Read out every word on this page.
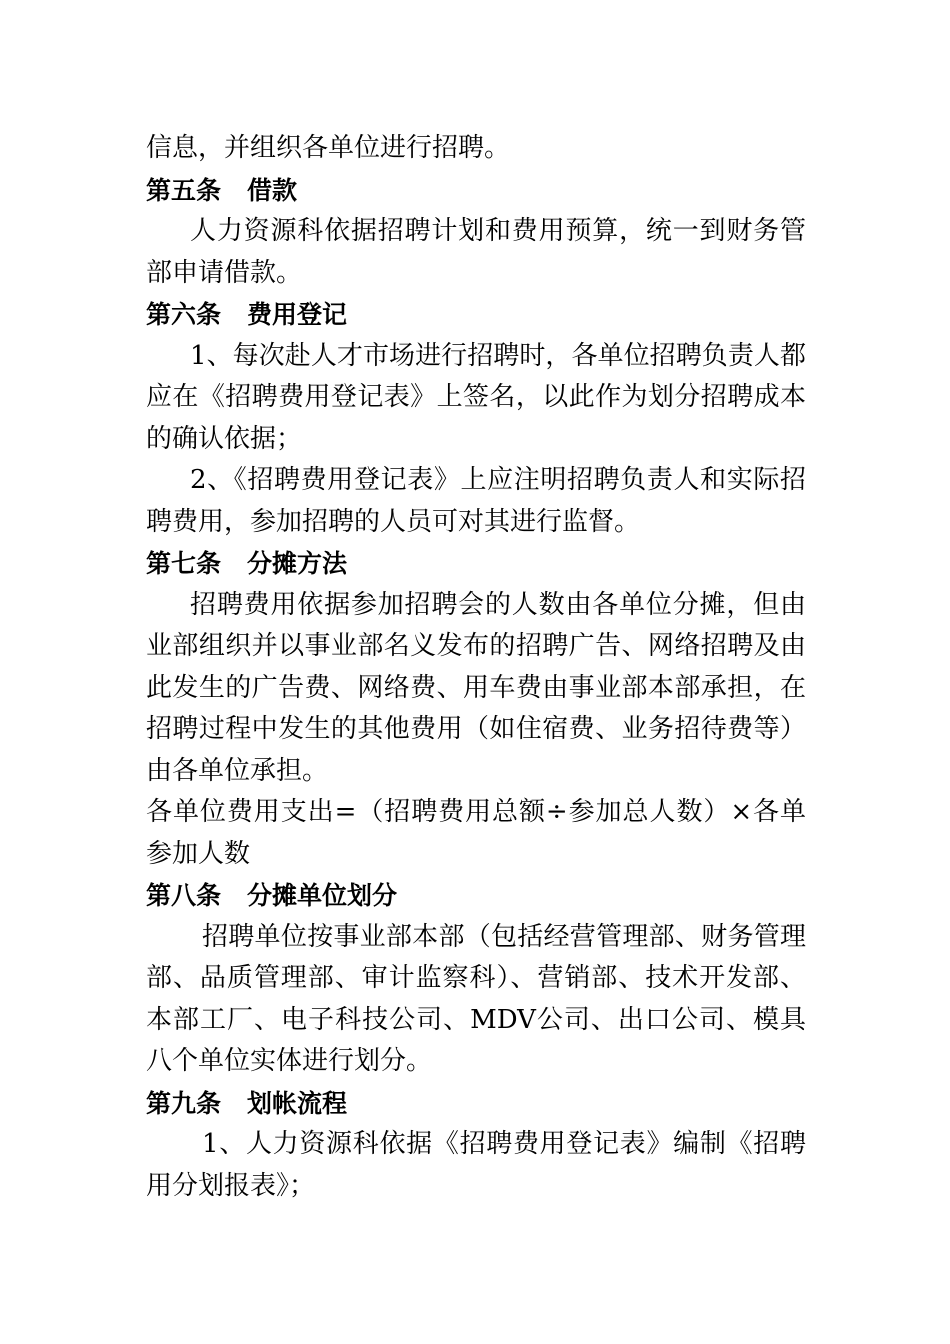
信息，并组织各单位进行招聘。
第五条 借款
人力资源科依据招聘计划和费用预算，统一到财务管
部申请借款。
第六条 费用登记
1、每次赴人才市场进行招聘时，各单位招聘负责人都
应在《招聘费用登记表》上签名，以此作为划分招聘成本
的确认依据；
2、《招聘费用登记表》上应注明招聘负责人和实际招
聘费用，参加招聘的人员可对其进行监督。
第七条 分摊方法
招聘费用依据参加招聘会的人数由各单位分摊，但由
业部组织并以事业部名义发布的招聘广告、网络招聘及由
此发生的广告费、网络费、用车费由事业部本部承担，在
招聘过程中发生的其他费用（如住宿费、业务招待费等）
由各单位承担。
各单位费用支出=（招聘费用总额÷参加总人数）×各单
参加人数
第八条 分摊单位划分
招聘单位按事业部本部（包括经营管理部、财务管理
部、品质管理部、审计监察科）、营销部、技术开发部、
本部工厂、电子科技公司、MDV公司、出口公司、模具
八个单位实体进行划分。
第九条 划帐流程
1、人力资源科依据《招聘费用登记表》编制《招聘
用分划报表》；
